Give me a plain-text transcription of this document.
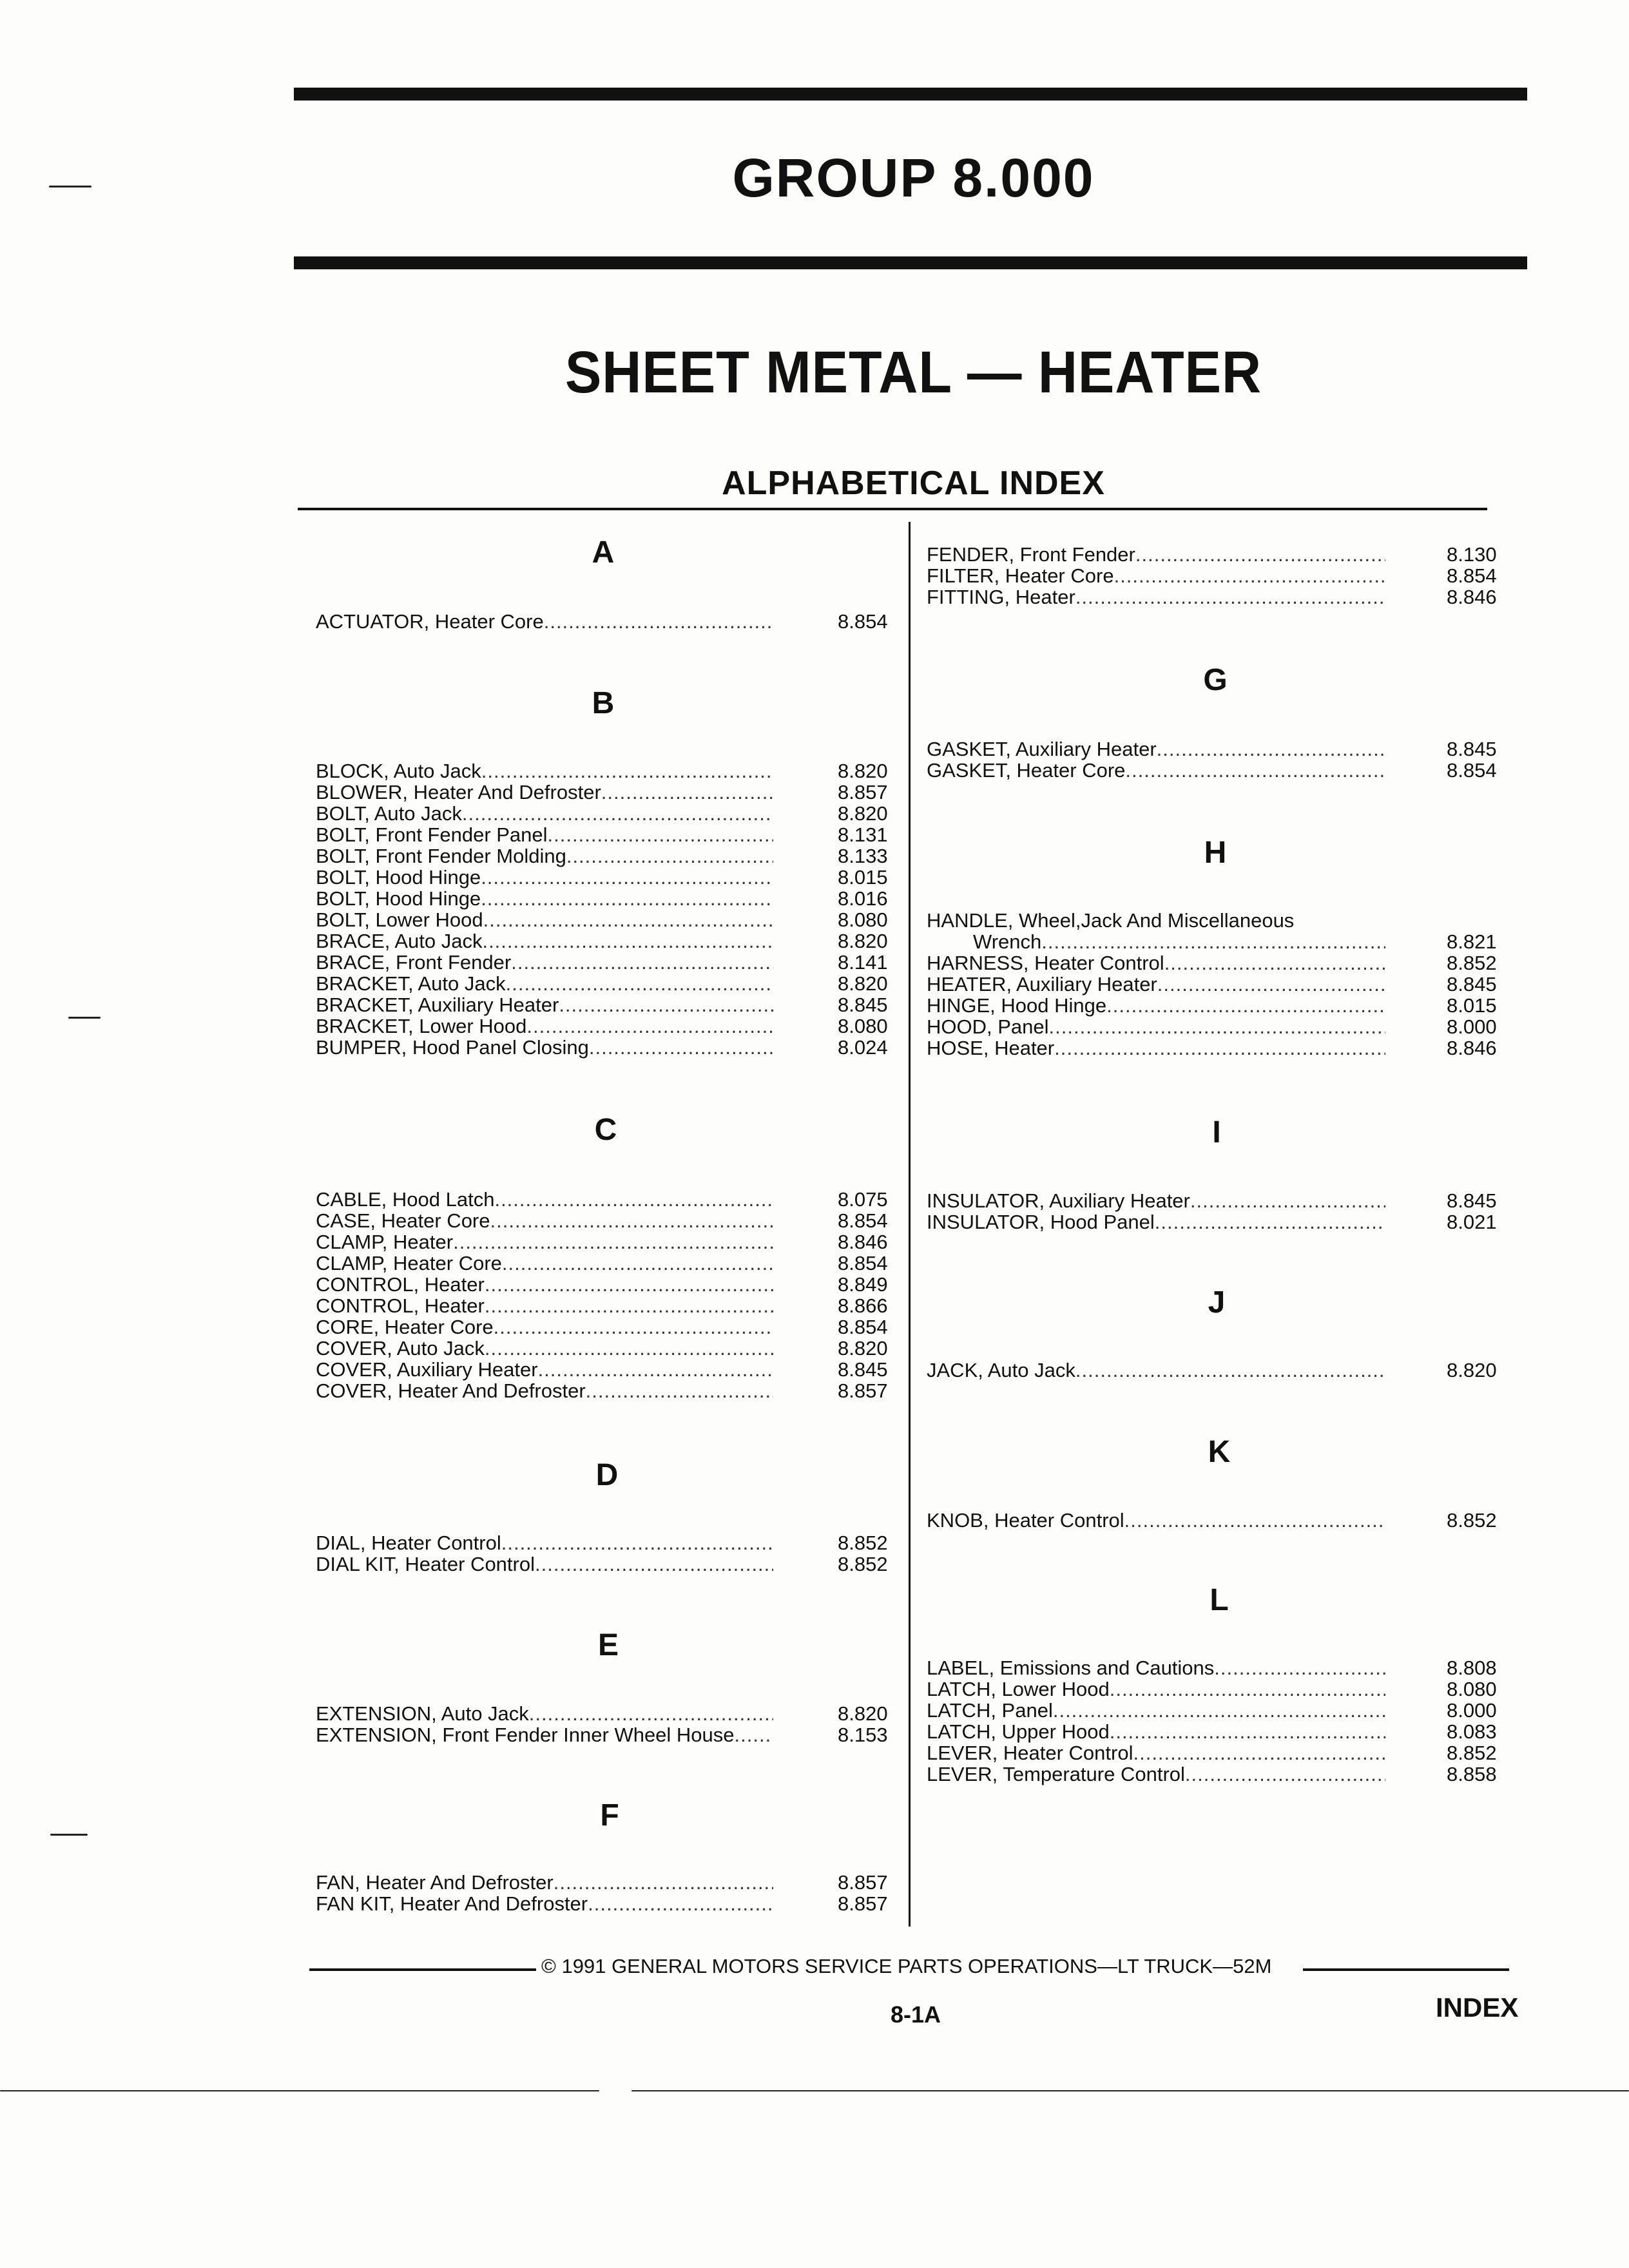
GROUP 8.000
SHEET METAL — HEATER
ALPHABETICAL INDEX
A
ACTUATOR, Heater Core .....	8.854
B
BLOCK, Auto Jack .....	8.820
BLOWER, Heater And Defroster .....	8.857
BOLT, Auto Jack .....	8.820
BOLT, Front Fender Panel .....	8.131
BOLT, Front Fender Molding .....	8.133
BOLT, Hood Hinge .....	8.015
BOLT, Hood Hinge .....	8.016
BOLT, Lower Hood .....	8.080
BRACE, Auto Jack .....	8.820
BRACE, Front Fender .....	8.141
BRACKET, Auto Jack .....	8.820
BRACKET, Auxiliary Heater .....	8.845
BRACKET, Lower Hood .....	8.080
BUMPER, Hood Panel Closing .....	8.024
C
CABLE, Hood Latch .....	8.075
CASE, Heater Core .....	8.854
CLAMP, Heater .....	8.846
CLAMP, Heater Core .....	8.854
CONTROL, Heater .....	8.849
CONTROL, Heater .....	8.866
CORE, Heater Core .....	8.854
COVER, Auto Jack .....	8.820
COVER, Auxiliary Heater .....	8.845
COVER, Heater And Defroster .....	8.857
D
DIAL, Heater Control .....	8.852
DIAL KIT, Heater Control .....	8.852
E
EXTENSION, Auto Jack .....	8.820
EXTENSION, Front Fender Inner Wheel House .....	8.153
F
FAN, Heater And Defroster .....	8.857
FAN KIT, Heater And Defroster .....	8.857
FENDER, Front Fender .....	8.130
FILTER, Heater Core .....	8.854
FITTING, Heater .....	8.846
G
GASKET, Auxiliary Heater .....	8.845
GASKET, Heater Core .....	8.854
H
HANDLE, Wheel,Jack And Miscellaneous
Wrench .....	8.821
HARNESS, Heater Control .....	8.852
HEATER, Auxiliary Heater .....	8.845
HINGE, Hood Hinge .....	8.015
HOOD, Panel .....	8.000
HOSE, Heater .....	8.846
I
INSULATOR, Auxiliary Heater .....	8.845
INSULATOR, Hood Panel .....	8.021
J
JACK, Auto Jack .....	8.820
K
KNOB, Heater Control .....	8.852
L
LABEL, Emissions and Cautions .....	8.808
LATCH, Lower Hood .....	8.080
LATCH, Panel .....	8.000
LATCH, Upper Hood .....	8.083
LEVER, Heater Control .....	8.852
LEVER, Temperature Control .....	8.858
© 1991 GENERAL MOTORS SERVICE PARTS OPERATIONS—LT TRUCK—52M
8-1A	INDEX
